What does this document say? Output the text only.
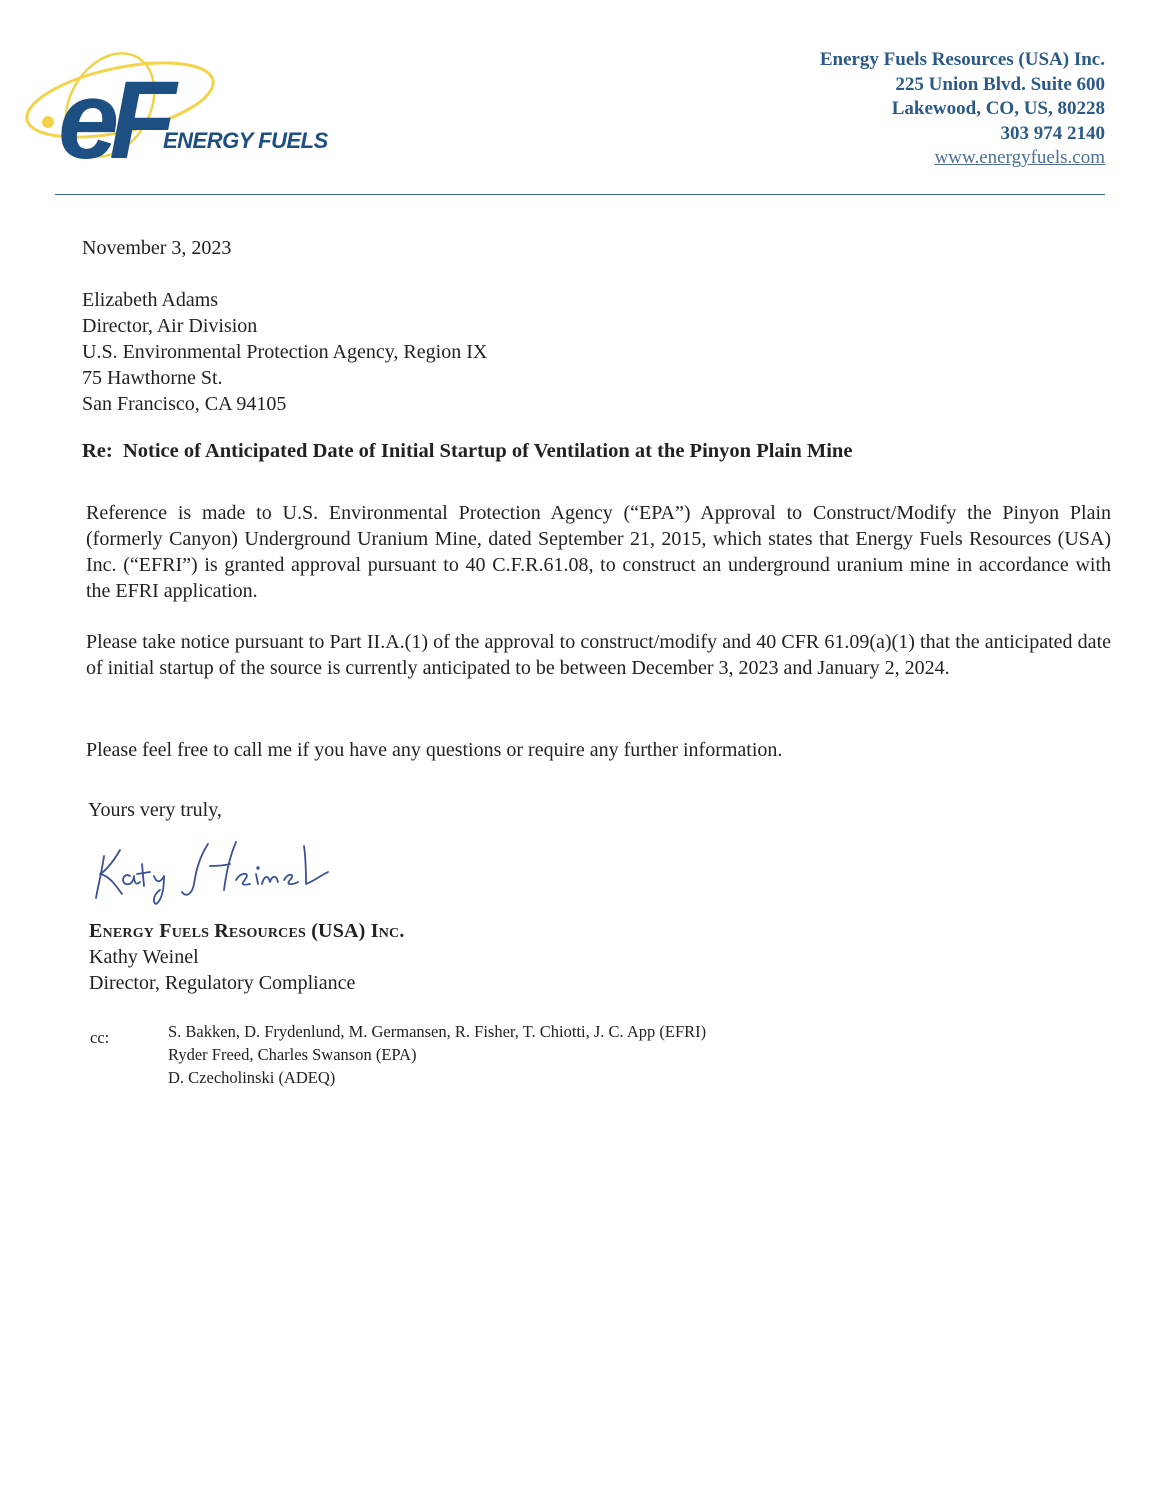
eF
ENERGY FUELS
Energy Fuels Resources (USA) Inc.
225 Union Blvd. Suite 600
Lakewood, CO, US, 80228
303 974 2140
www.energyfuels.com
November 3, 2023
Elizabeth Adams
Director, Air Division
U.S. Environmental Protection Agency, Region IX
75 Hawthorne St.
San Francisco, CA 94105
Re:  Notice of Anticipated Date of Initial Startup of Ventilation at the Pinyon Plain Mine
Reference is made to U.S. Environmental Protection Agency (“EPA”) Approval to Construct/Modify the Pinyon Plain (formerly Canyon) Underground Uranium Mine, dated September 21, 2015, which states that Energy Fuels Resources (USA) Inc. (“EFRI”) is granted approval pursuant to 40 C.F.R.61.08, to construct an underground uranium mine in accordance with the EFRI application.
Please take notice pursuant to Part II.A.(1) of the approval to construct/modify and 40 CFR 61.09(a)(1) that the anticipated date of initial startup of the source is currently anticipated to be between December 3, 2023 and January 2, 2024.
Please feel free to call me if you have any questions or require any further information.
Yours very truly,
Energy Fuels Resources (USA) Inc.
Kathy Weinel
Director, Regulatory Compliance
cc:	S. Bakken, D. Frydenlund, M. Germansen, R. Fisher, T. Chiotti, J. C. App (EFRI)
Ryder Freed, Charles Swanson (EPA)
D. Czecholinski (ADEQ)
